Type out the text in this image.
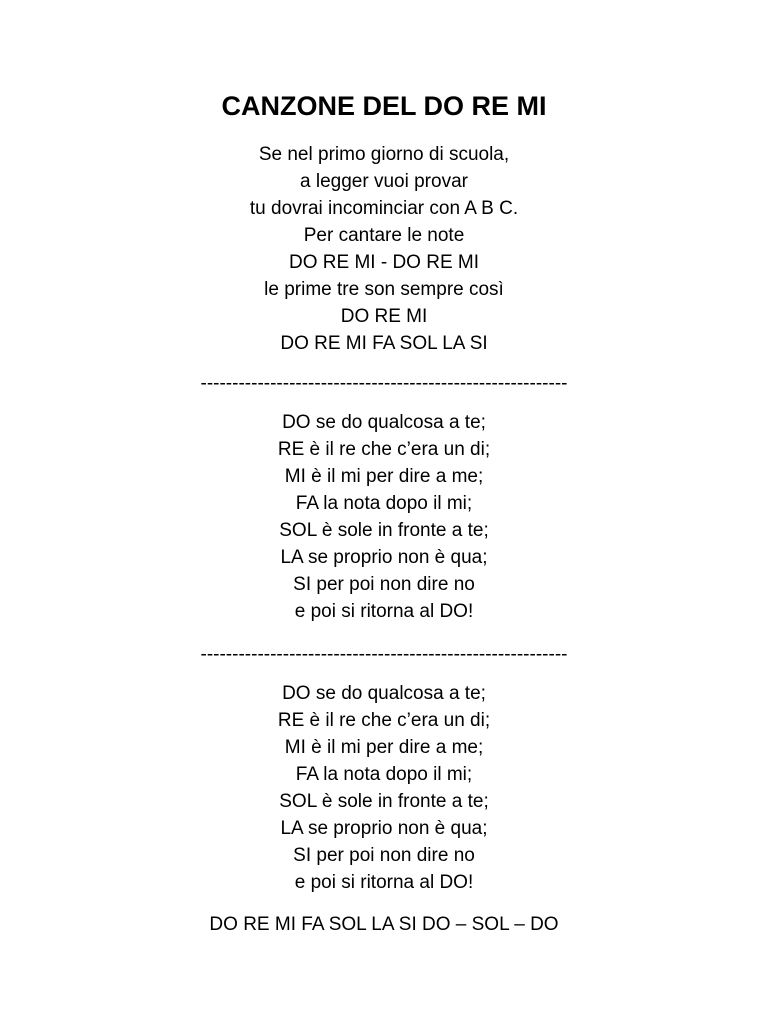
CANZONE DEL DO RE MI
Se nel primo giorno di scuola,
a legger vuoi provar
tu dovrai incominciar con A B C.
Per cantare le note
DO RE MI - DO RE MI
le prime tre son sempre così
DO RE MI
DO RE MI FA SOL LA SI
----------------------------------------------------------
DO se do qualcosa a te;
RE è il re che c’era un di;
MI è il mi per dire a me;
FA la nota dopo il mi;
SOL è sole in fronte a te;
LA se proprio non è qua;
SI per poi non dire no
e poi si ritorna al DO!
----------------------------------------------------------
DO se do qualcosa a te;
RE è il re che c’era un di;
MI è il mi per dire a me;
FA la nota dopo il mi;
SOL è sole in fronte a te;
LA se proprio non è qua;
SI per poi non dire no
e poi si ritorna al DO!
DO RE MI FA SOL LA SI DO – SOL – DO
